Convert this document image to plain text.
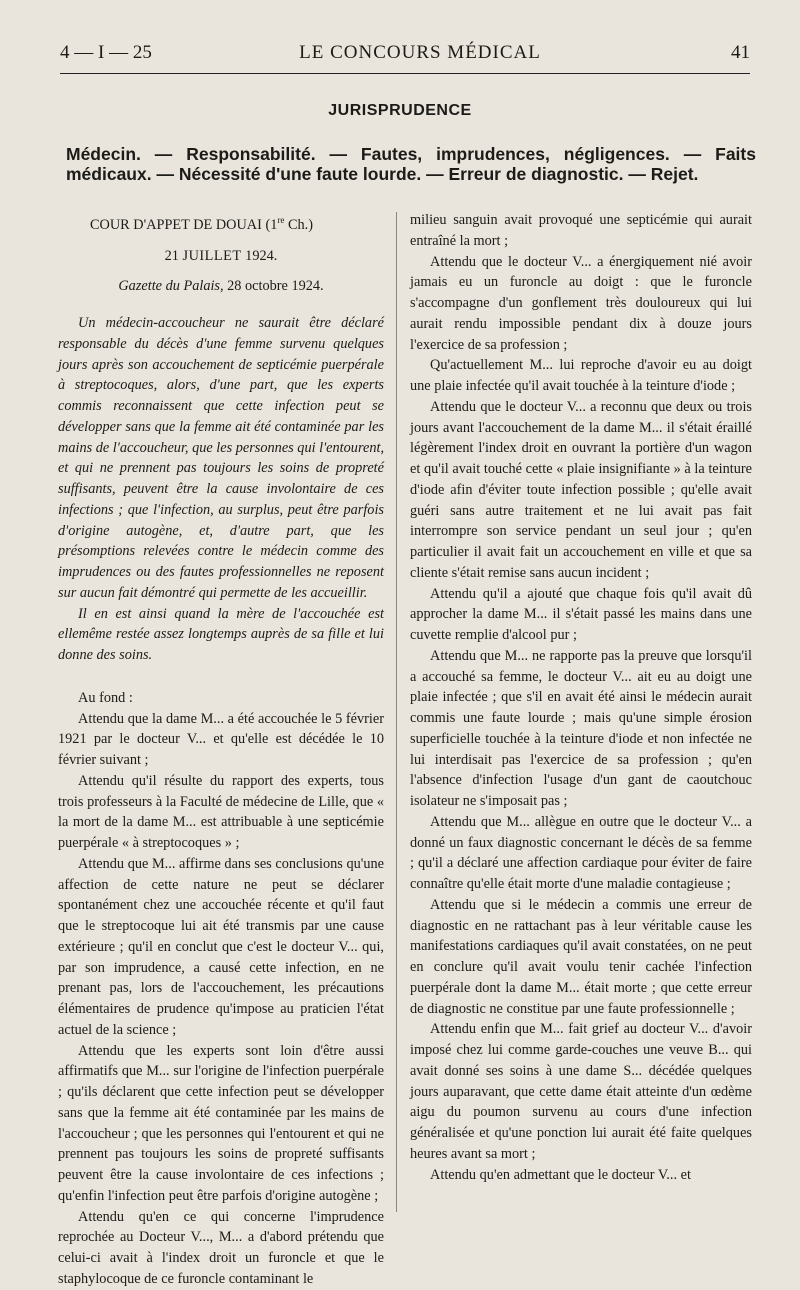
4 — I — 25	LE CONCOURS MÉDICAL	41
JURISPRUDENCE
Médecin. — Responsabilité. — Fautes, imprudences, négligences. — Faits médicaux. — Nécessité d'une faute lourde. — Erreur de diagnostic. — Rejet.

COUR D'APPET DE DOUAI (1re Ch.)

21 JUILLET 1924.

Gazette du Palais, 28 octobre 1924.

Un médecin-accoucheur ne saurait être déclaré responsable du décès d'une femme survenu quelques jours après son accouchement de septicémie puerpérale à streptocoques, alors, d'une part, que les experts commis reconnaissent que cette infection peut se développer sans que la femme ait été contaminée par les mains de l'accoucheur, que les personnes qui l'entourent, et qui ne prennent pas toujours les soins de propreté suffisants, peuvent être la cause involontaire de ces infections ; que l'infection, au surplus, peut être parfois d'origine autogène, et, d'autre part, que les présomptions relevées contre le médecin comme des imprudences ou des fautes professionnelles ne reposent sur aucun fait démontré qui permette de les accueillir.

Il en est ainsi quand la mère de l'accouchée est ellemême restée assez longtemps auprès de sa fille et lui donne des soins.

Au fond :

Attendu que la dame M... a été accouchée le 5 février 1921 par le docteur V... et qu'elle est décédée le 10 février suivant ;

Attendu qu'il résulte du rapport des experts, tous trois professeurs à la Faculté de médecine de Lille, que « la mort de la dame M... est attribuable à une septicémie puerpérale « à streptocoques » ;

Attendu que M... affirme dans ses conclusions qu'une affection de cette nature ne peut se déclarer spontanément chez une accouchée récente et qu'il faut que le streptocoque lui ait été transmis par une cause extérieure ; qu'il en conclut que c'est le docteur V... qui, par son imprudence, a causé cette infection, en ne prenant pas, lors de l'accouchement, les précautions élémentaires de prudence qu'impose au praticien l'état actuel de la science ;

Attendu que les experts sont loin d'être aussi affirmatifs que M... sur l'origine de l'infection puerpérale ; qu'ils déclarent que cette infection peut se développer sans que la femme ait été contaminée par les mains de l'accoucheur ; que les personnes qui l'entourent et qui ne prennent pas toujours les soins de propreté suffisants peuvent être la cause involontaire de ces infections ; qu'enfin l'infection peut être parfois d'origine autogène ;

Attendu qu'en ce qui concerne l'imprudence reprochée au Docteur V..., M... a d'abord prétendu que celui-ci avait à l'index droit un furoncle et que le staphylocoque de ce furoncle contaminant le

milieu sanguin avait provoqué une septicémie qui aurait entraîné la mort ;

Attendu que le docteur V... a énergiquement nié avoir jamais eu un furoncle au doigt : que le furoncle s'accompagne d'un gonflement très douloureux qui lui aurait rendu impossible pendant dix à douze jours l'exercice de sa profession ;

Qu'actuellement M... lui reproche d'avoir eu au doigt une plaie infectée qu'il avait touchée à la teinture d'iode ;

Attendu que le docteur V... a reconnu que deux ou trois jours avant l'accouchement de la dame M... il s'était éraillé légèrement l'index droit en ouvrant la portière d'un wagon et qu'il avait touché cette « plaie insignifiante » à la teinture d'iode afin d'éviter toute infection possible ; qu'elle avait guéri sans autre traitement et ne lui avait pas fait interrompre son service pendant un seul jour ; qu'en particulier il avait fait un accouchement en ville et que sa cliente s'était remise sans aucun incident ;

Attendu qu'il a ajouté que chaque fois qu'il avait dû approcher la dame M... il s'était passé les mains dans une cuvette remplie d'alcool pur ;

Attendu que M... ne rapporte pas la preuve que lorsqu'il a accouché sa femme, le docteur V... ait eu au doigt une plaie infectée ; que s'il en avait été ainsi le médecin aurait commis une faute lourde ; mais qu'une simple érosion superficielle touchée à la teinture d'iode et non infectée ne lui interdisait pas l'exercice de sa profession ; qu'en l'absence d'infection l'usage d'un gant de caoutchouc isolateur ne s'imposait pas ;

Attendu que M... allègue en outre que le docteur V... a donné un faux diagnostic concernant le décès de sa femme ; qu'il a déclaré une affection cardiaque pour éviter de faire connaître qu'elle était morte d'une maladie contagieuse ;

Attendu que si le médecin a commis une erreur de diagnostic en ne rattachant pas à leur véritable cause les manifestations cardiaques qu'il avait constatées, on ne peut en conclure qu'il avait voulu tenir cachée l'infection puerpérale dont la dame M... était morte ; que cette erreur de diagnostic ne constitue par une faute professionnelle ;

Attendu enfin que M... fait grief au docteur V... d'avoir imposé chez lui comme garde-couches une veuve B... qui avait donné ses soins à une dame S... décédée quelques jours auparavant, que cette dame était atteinte d'un œdème aigu du poumon survenu au cours d'une infection généralisée et qu'une ponction lui aurait été faite quelques heures avant sa mort ;

Attendu qu'en admettant que le docteur V... et
